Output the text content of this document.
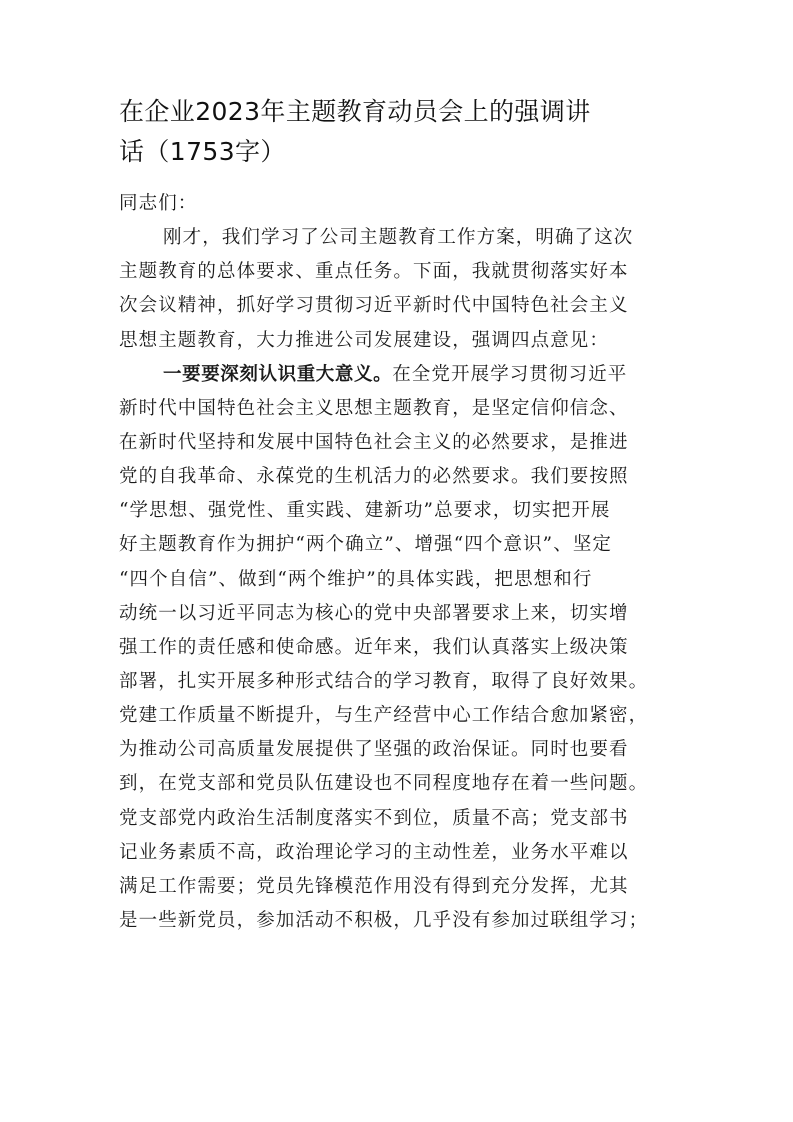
在企业2023年主题教育动员会上的强调讲
话（1753字）
同志们：
刚才，我们学习了公司主题教育工作方案，明确了这次
主题教育的总体要求、重点任务。下面，我就贯彻落实好本
次会议精神，抓好学习贯彻习近平新时代中国特色社会主义
思想主题教育，大力推进公司发展建设，强调四点意见：
一要要深刻认识重大意义。在全党开展学习贯彻习近平
新时代中国特色社会主义思想主题教育，是坚定信仰信念、
在新时代坚持和发展中国特色社会主义的必然要求，是推进
党的自我革命、永葆党的生机活力的必然要求。我们要按照
“学思想、强党性、重实践、建新功”总要求，切实把开展
好主题教育作为拥护“两个确立”、增强“四个意识”、坚定
“四个自信”、做到“两个维护”的具体实践，把思想和行
动统一以习近平同志为核心的党中央部署要求上来，切实增
强工作的责任感和使命感。近年来，我们认真落实上级决策
部署，扎实开展多种形式结合的学习教育，取得了良好效果。
党建工作质量不断提升，与生产经营中心工作结合愈加紧密，
为推动公司高质量发展提供了坚强的政治保证。同时也要看
到，在党支部和党员队伍建设也不同程度地存在着一些问题。
党支部党内政治生活制度落实不到位，质量不高；党支部书
记业务素质不高，政治理论学习的主动性差，业务水平难以
满足工作需要；党员先锋模范作用没有得到充分发挥，尤其
是一些新党员，参加活动不积极，几乎没有参加过联组学习；
